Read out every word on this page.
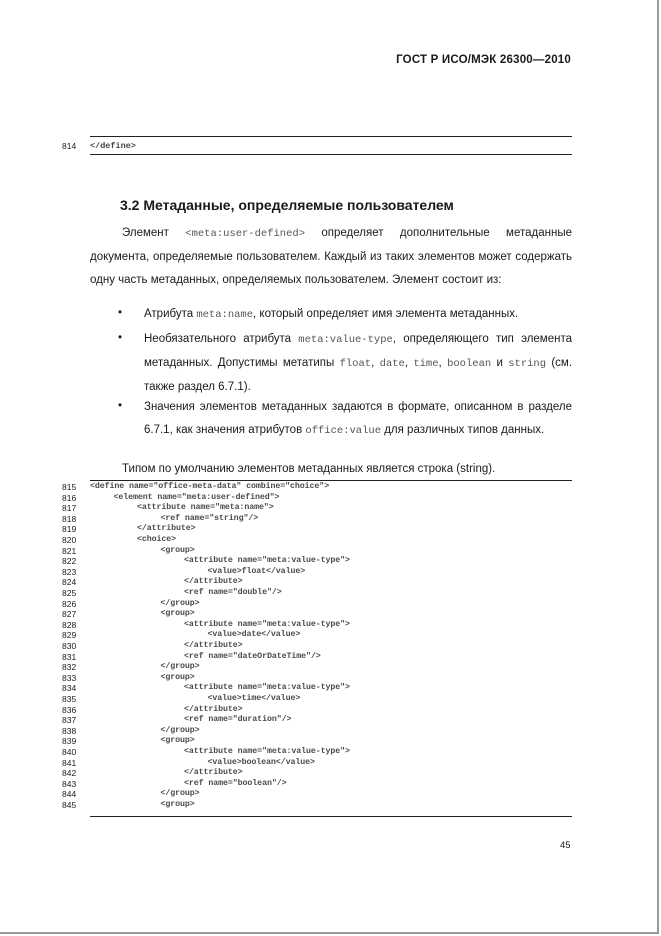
ГОСТ Р ИСО/МЭК 26300—2010
814 </define>
3.2 Метаданные, определяемые пользователем
Элемент <meta:user-defined> определяет дополнительные метаданные документа, определяемые пользователем. Каждый из таких элементов может содержать одну часть метаданных, определяемых пользователем. Элемент состоит из:
• Атрибута meta:name, который определяет имя элемента метаданных.
• Необязательного атрибута meta:value-type, определяющего тип элемента метаданных. Допустимы метатипы float, date, time, boolean и string (см. также раздел 6.7.1).
• Значения элементов метаданных задаются в формате, описанном в разделе 6.7.1, как значения атрибутов office:value для различных типов данных.
Типом по умолчанию элементов метаданных является строка (string).
815	<define name="office-meta-data" combine="choice">
816	<element name="meta:user-defined">
817	<attribute name="meta:name">
818	<ref name="string"/>
819	</attribute>
820	<choice>
821	<group>
822	<attribute name="meta:value-type">
823	<value>float</value>
824	</attribute>
825	<ref name="double"/>
826	</group>
827	<group>
828	<attribute name="meta:value-type">
829	<value>date</value>
830	</attribute>
831	<ref name="dateOrDateTime"/>
832	</group>
833	<group>
834	<attribute name="meta:value-type">
835	<value>time</value>
836	</attribute>
837	<ref name="duration"/>
838	</group>
839	<group>
840	<attribute name="meta:value-type">
841	<value>boolean</value>
842	</attribute>
843	<ref name="boolean"/>
844	</group>
845	<group>
45
